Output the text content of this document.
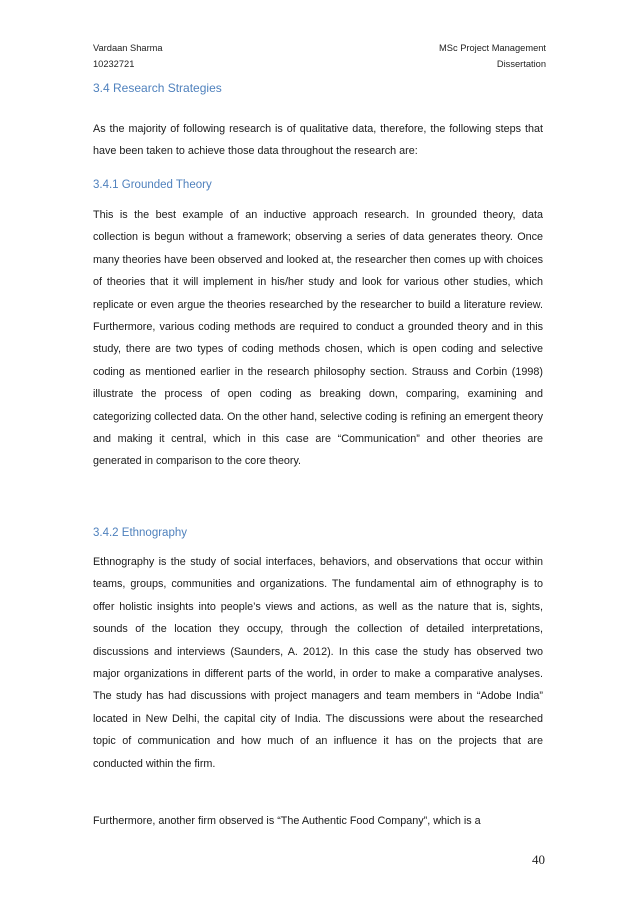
Vardaan Sharma
10232721
MSc Project Management
Dissertation
3.4 Research Strategies
As the majority of following research is of qualitative data, therefore, the following steps that have been taken to achieve those data throughout the research are:
3.4.1 Grounded Theory
This is the best example of an inductive approach research. In grounded theory, data collection is begun without a framework; observing a series of data generates theory. Once many theories have been observed and looked at, the researcher then comes up with choices of theories that it will implement in his/her study and look for various other studies, which replicate or even argue the theories researched by the researcher to build a literature review. Furthermore, various coding methods are required to conduct a grounded theory and in this study, there are two types of coding methods chosen, which is open coding and selective coding as mentioned earlier in the research philosophy section. Strauss and Corbin (1998) illustrate the process of open coding as breaking down, comparing, examining and categorizing collected data. On the other hand, selective coding is refining an emergent theory and making it central, which in this case are “Communication” and other theories are generated in comparison to the core theory.
3.4.2 Ethnography
Ethnography is the study of social interfaces, behaviors, and observations that occur within teams, groups, communities and organizations. The fundamental aim of ethnography is to offer holistic insights into people’s views and actions, as well as the nature that is, sights, sounds of the location they occupy, through the collection of detailed interpretations, discussions and interviews (Saunders, A. 2012). In this case the study has observed two major organizations in different parts of the world, in order to make a comparative analyses. The study has had discussions with project managers and team members in “Adobe India” located in New Delhi, the capital city of India. The discussions were about the researched topic of communication and how much of an influence it has on the projects that are conducted within the firm.
Furthermore, another firm observed is “The Authentic Food Company”, which is a
40
